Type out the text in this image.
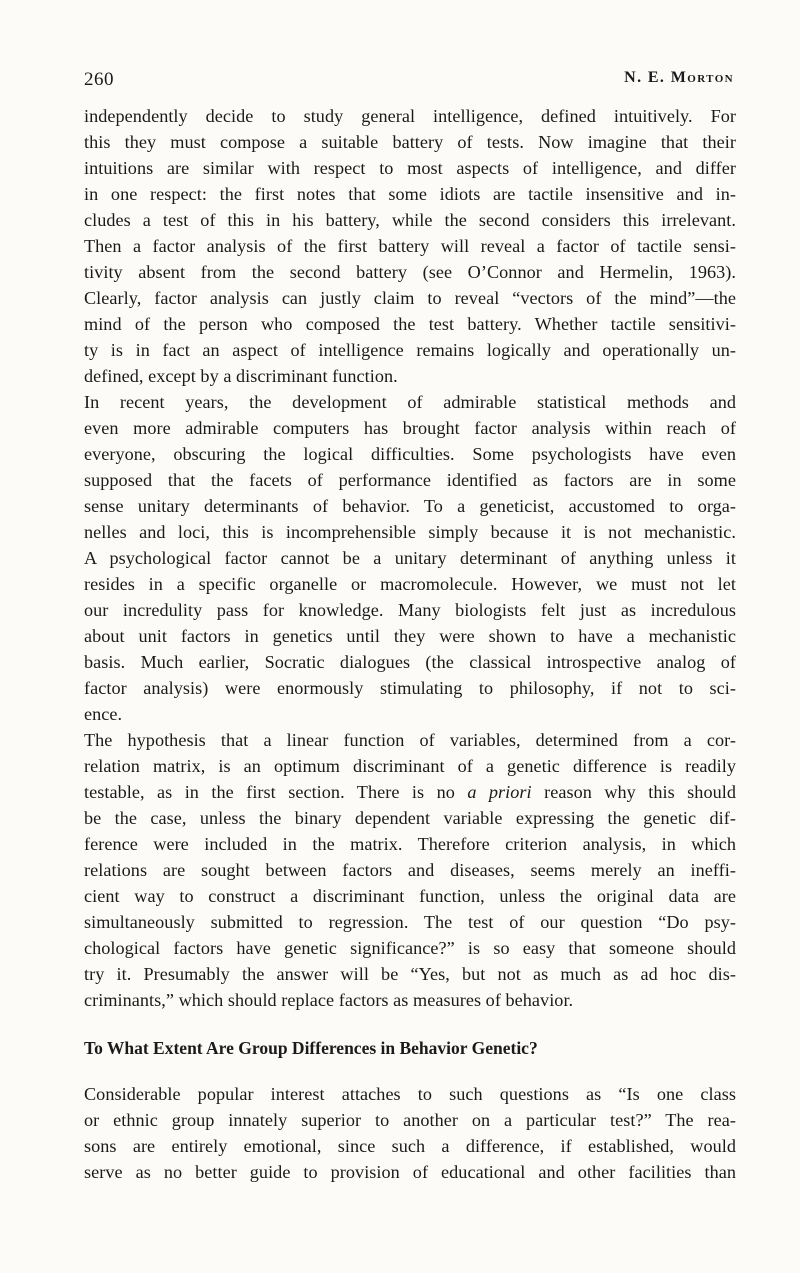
260	N. E. Morton
independently decide to study general intelligence, defined intuitively. For
this they must compose a suitable battery of tests. Now imagine that their
intuitions are similar with respect to most aspects of intelligence, and differ
in one respect: the first notes that some idiots are tactile insensitive and in-
cludes a test of this in his battery, while the second considers this irrelevant.
Then a factor analysis of the first battery will reveal a factor of tactile sensi-
tivity absent from the second battery (see O’Connor and Hermelin, 1963).
Clearly, factor analysis can justly claim to reveal “vectors of the mind”—the
mind of the person who composed the test battery. Whether tactile sensitivi-
ty is in fact an aspect of intelligence remains logically and operationally un-
defined, except by a discriminant function.
In recent years, the development of admirable statistical methods and
even more admirable computers has brought factor analysis within reach of
everyone, obscuring the logical difficulties. Some psychologists have even
supposed that the facets of performance identified as factors are in some
sense unitary determinants of behavior. To a geneticist, accustomed to orga-
nelles and loci, this is incomprehensible simply because it is not mechanistic.
A psychological factor cannot be a unitary determinant of anything unless it
resides in a specific organelle or macromolecule. However, we must not let
our incredulity pass for knowledge. Many biologists felt just as incredulous
about unit factors in genetics until they were shown to have a mechanistic
basis. Much earlier, Socratic dialogues (the classical introspective analog of
factor analysis) were enormously stimulating to philosophy, if not to sci-
ence.
The hypothesis that a linear function of variables, determined from a cor-
relation matrix, is an optimum discriminant of a genetic difference is readily
testable, as in the first section. There is no a priori reason why this should
be the case, unless the binary dependent variable expressing the genetic dif-
ference were included in the matrix. Therefore criterion analysis, in which
relations are sought between factors and diseases, seems merely an ineffi-
cient way to construct a discriminant function, unless the original data are
simultaneously submitted to regression. The test of our question “Do psy-
chological factors have genetic significance?” is so easy that someone should
try it. Presumably the answer will be “Yes, but not as much as ad hoc dis-
criminants,” which should replace factors as measures of behavior.
To What Extent Are Group Differences in Behavior Genetic?
Considerable popular interest attaches to such questions as “Is one class
or ethnic group innately superior to another on a particular test?” The rea-
sons are entirely emotional, since such a difference, if established, would
serve as no better guide to provision of educational and other facilities than
